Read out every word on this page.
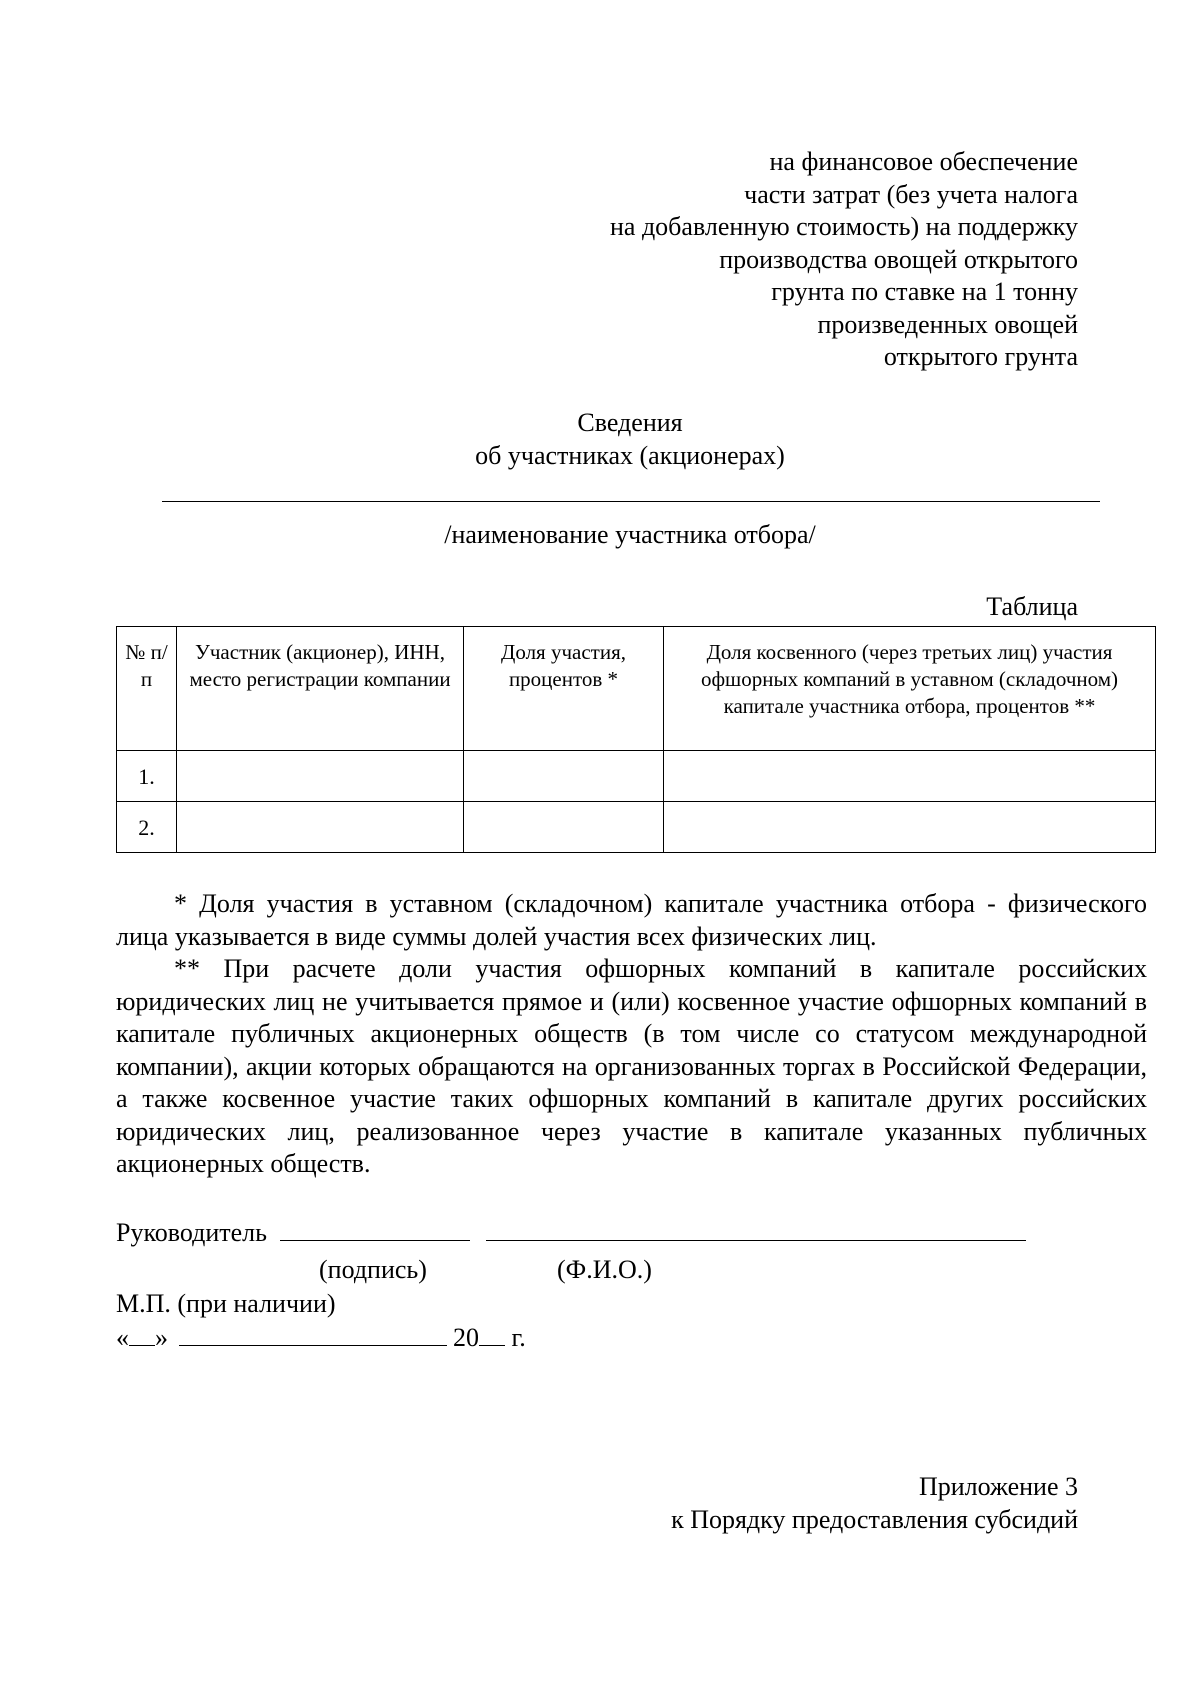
на финансовое обеспечение
части затрат (без учета налога
на добавленную стоимость) на поддержку
производства овощей открытого
грунта по ставке на 1 тонну
произведенных овощей
открытого грунта
Сведения
об участниках (акционерах)
/наименование участника отбора/
Таблица
№ п/п	Участник (акционер), ИНН, место регистрации компании	Доля участия, процентов *	Доля косвенного (через третьих лиц) участия офшорных компаний в уставном (складочном) капитале участника отбора, процентов **
1.			
2.			

* Доля участия в уставном (складочном) капитале участника отбора - физического лица указывается в виде суммы долей участия всех физических лиц.

** При расчете доли участия офшорных компаний в капитале российских юридических лиц не учитывается прямое и (или) косвенное участие офшорных компаний в капитале публичных акционерных обществ (в том числе со статусом международной компании), акции которых обращаются на организованных торгах в Российской Федерации, а также косвенное участие таких офшорных компаний в капитале других российских юридических лиц, реализованное через участие в капитале указанных публичных акционерных обществ.

Руководитель
(подпись)	(Ф.И.О.)
М.П. (при наличии)
« »	20 г.
Приложение 3
к Порядку предоставления субсидий
